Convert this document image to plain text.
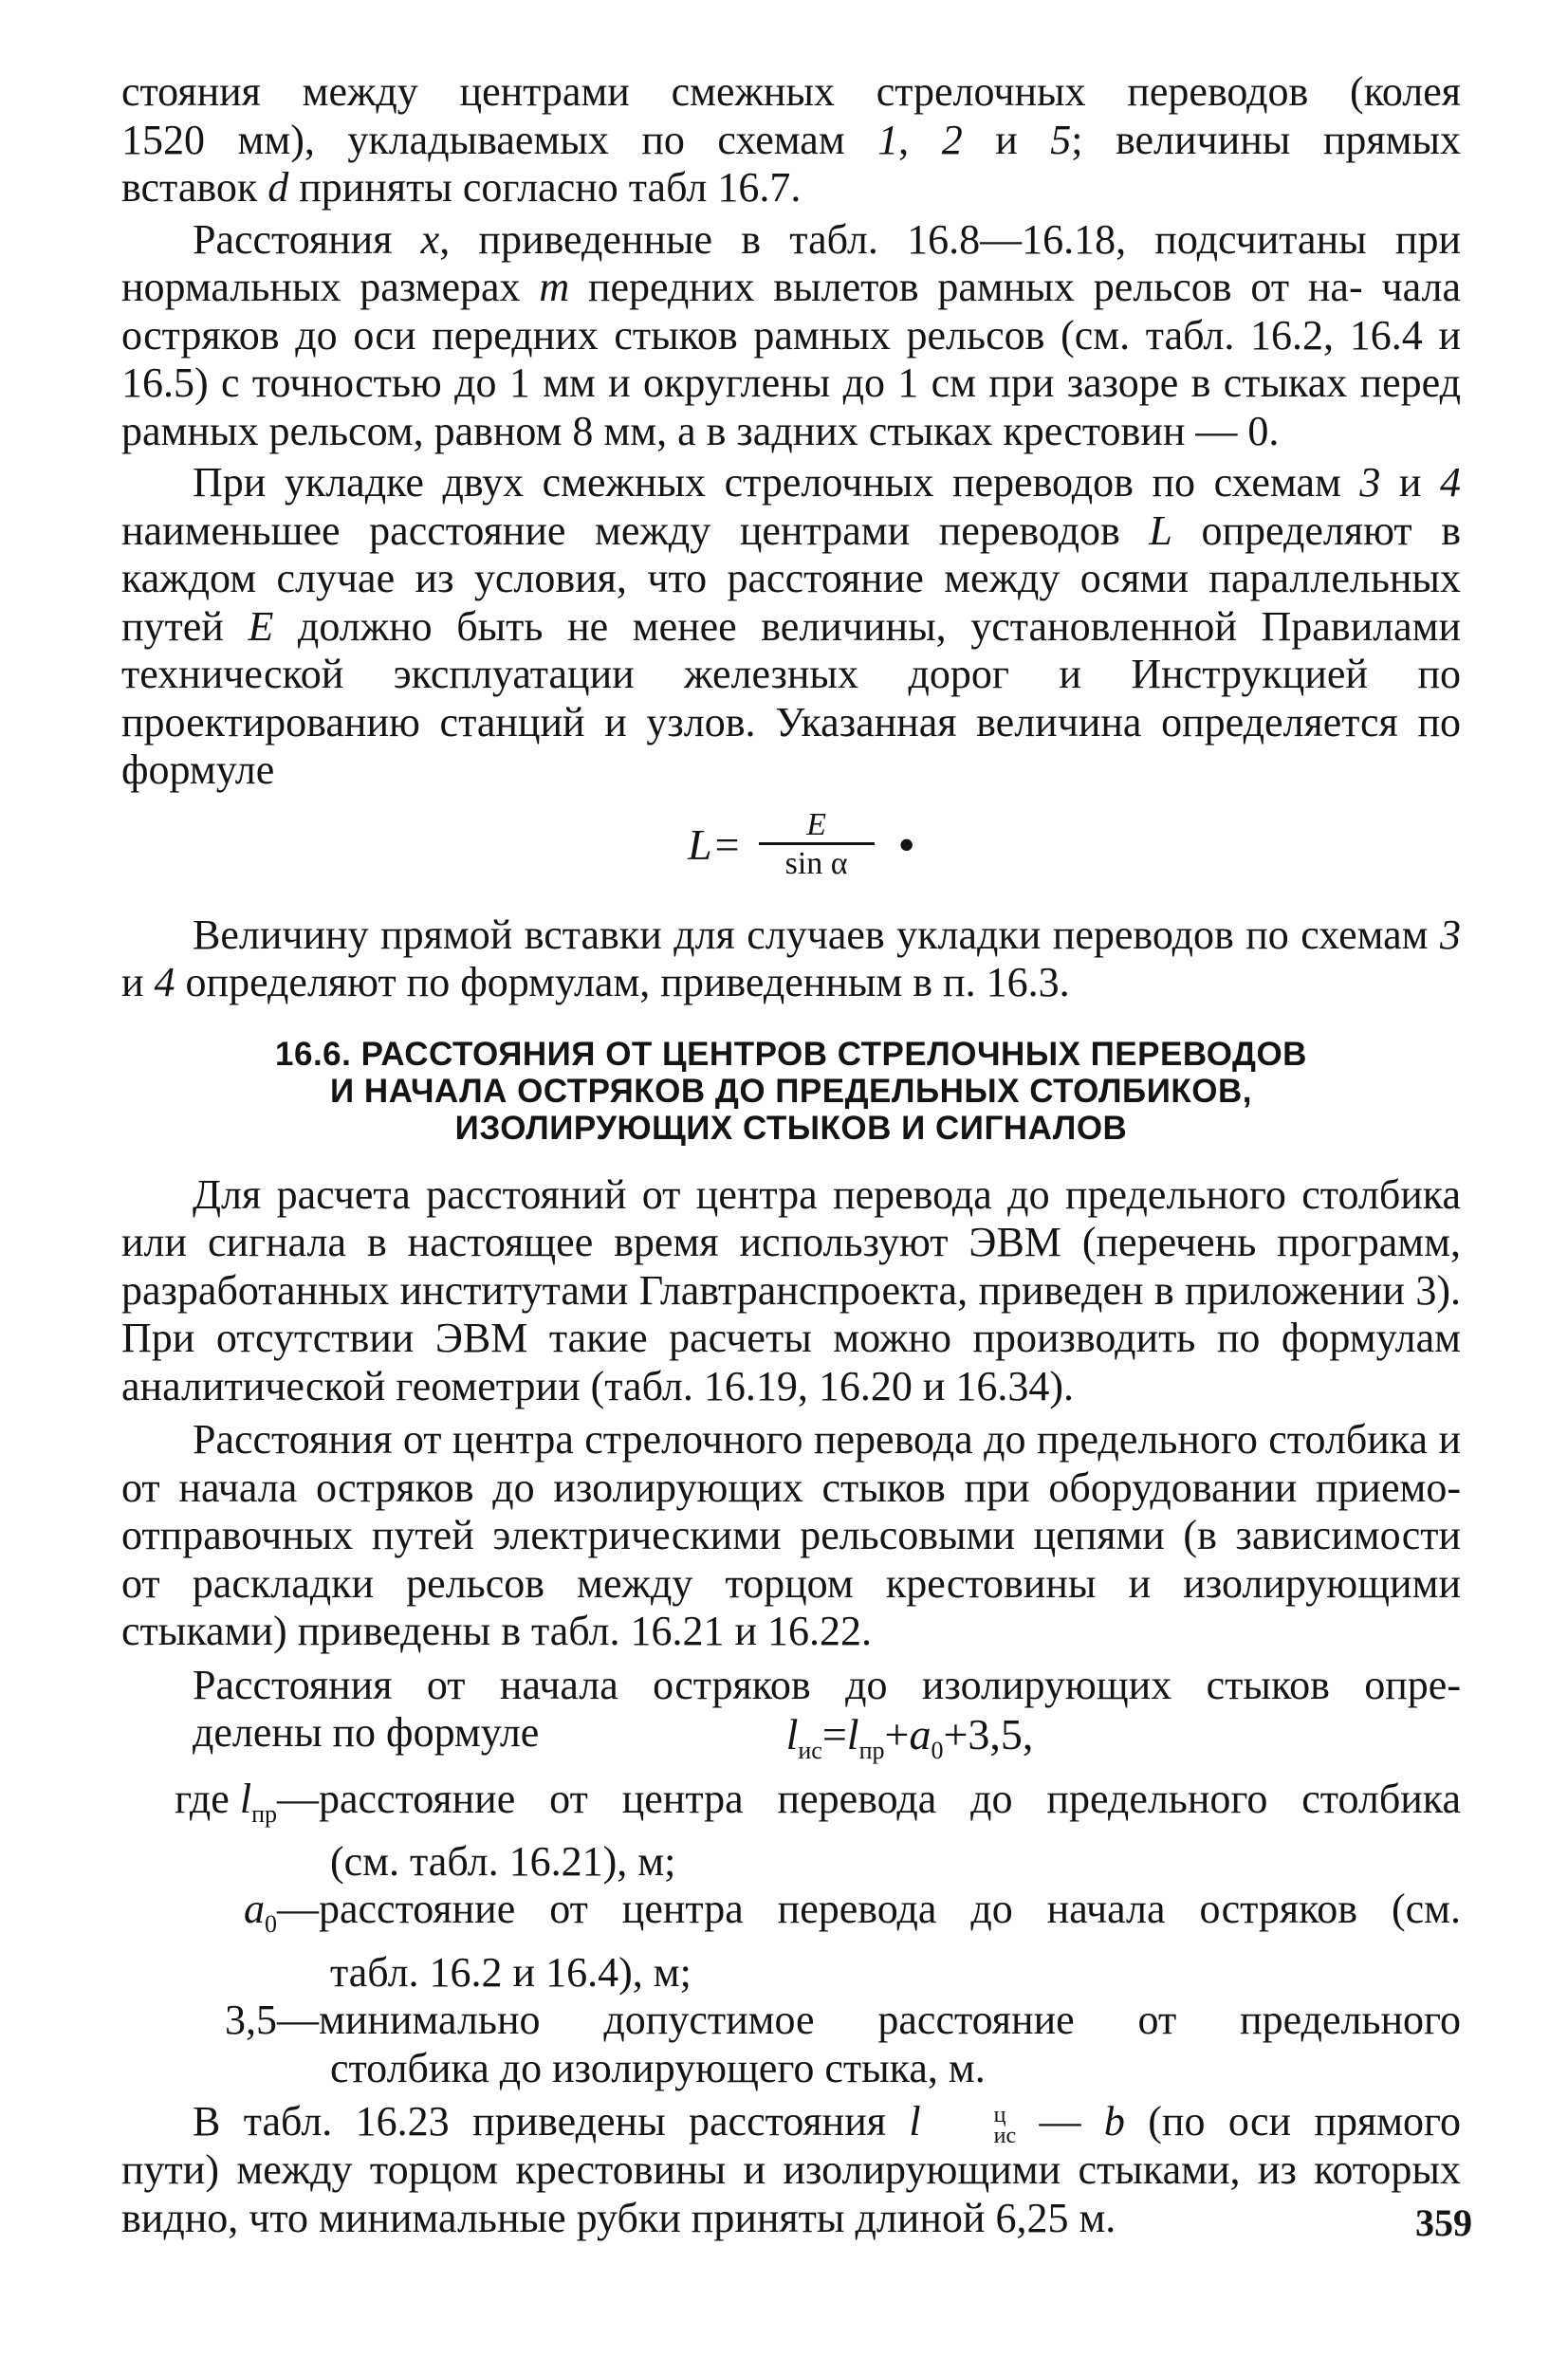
стояния между центрами смежных стрелочных переводов (колея
1520 мм), укладываемых по схемам 1, 2 и 5; величины прямых
вставок d приняты согласно табл 16.7.

Расстояния x, приведенные в табл. 16.8—16.18, подсчитаны при нормальных размерах m передних вылетов рамных рельсов от на- чала остряков до оси передних стыков рамных рельсов (см. табл. 16.2, 16.4 и 16.5) с точностью до 1 мм и округлены до 1 см при зазоре в стыках перед рамных рельсом, равном 8 мм, а в задних стыках крестовин — 0.

При укладке двух смежных стрелочных переводов по схемам 3 и 4 наименьшее расстояние между центрами переводов L определяют в каждом случае из условия, что расстояние между осями параллельных путей E должно быть не менее величины, установленной Правилами технической эксплуатации железных дорог и Инструкцией по проектированию станций и узлов. Указанная величина определяется по формуле

$L= \frac{E}{\text{sin α}}$ •

Величину прямой вставки для случаев укладки переводов по схемам 3 и 4 определяют по формулам, приведенным в п. 16.3.

16.6. РАССТОЯНИЯ ОТ ЦЕНТРОВ СТРЕЛОЧНЫХ ПЕРЕВОДОВ
И НАЧАЛА ОСТРЯКОВ ДО ПРЕДЕЛЬНЫХ СТОЛБИКОВ,
ИЗОЛИРУЮЩИХ СТЫКОВ И СИГНАЛОВ

Для расчета расстояний от центра перевода до предельного столбика или сигнала в настоящее время используют ЭВМ (перечень программ, разработанных институтами Главтранспроекта, приведен в приложении 3). При отсутствии ЭВМ такие расчеты можно производить по формулам аналитической геометрии (табл. 16.19, 16.20 и 16.34).

Расстояния от центра стрелочного перевода до предельного столбика и от начала остряков до изолирующих стыков при оборудовании приемо-отправочных путей электрическими рельсовыми цепями (в зависимости от раскладки рельсов между торцом крестовины и изолирующими стыками) приведены в табл. 16.21 и 16.22.

Расстояния от начала остряков до изолирующих стыков опре-
делены по формуле	$l_{ис}=l_{пр}+a_0+3,5$,
где $l_{пр}—$ расстояние от центра перевода до предельного столбика
(см. табл. 16.21), м;
$a_0—$ расстояние от центра перевода до начала остряков (см.
табл. 16.2 и 16.4), м;
3,5— минимально допустимое расстояние от предельного
столбика до изолирующего стыка, м.

В табл. 16.23 приведены расстояния l	ц
ис — b (по оси прямого

пути) между торцом крестовины и изолирующими стыками, из которых видно, что минимальные рубки приняты длиной 6,25 м.	359
